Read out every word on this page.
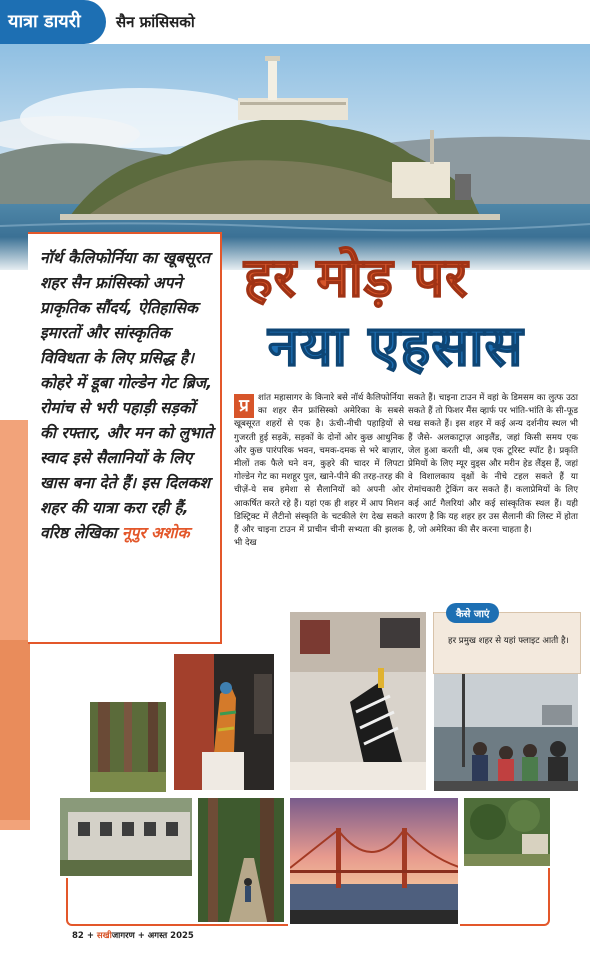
यात्रा डायरी सैन फ्रांसिसको
नॉर्थ कैलिफोर्निया का खूबसूरत शहर सैन फ्रांसिस्को अपने प्राकृतिक सौंदर्य, ऐतिहासिक इमारतों और सांस्कृतिक विविधता के लिए प्रसिद्ध है। कोहरे में डूबा गोल्डेन गेट ब्रिज, रोमांच से भरी पहाड़ी सड़कों की रफ्तार, और मन को लुभाते स्वाद इसे सैलानियों के लिए खास बना देते हैं। इस दिलकश शहर की यात्रा करा रही हैं, वरिष्ठ लेखिका नूपुर अशोक
हर मोड़ पर
नया एहसास
प्र	शांत महासागर के किनारे बसे नॉर्थ कैलिफोर्निया का शहर सैन फ्रांसिस्को अमेरिका के सबसे खूबसूरत शहरों से एक है। ऊंची-नीची पहाड़ियों से गुजरती हुई सड़कें, सड़कों के दोनों ओर कुछ आधुनिक और कुछ पारंपरिक भवन, चमक-दमक से भरे बाज़ार, मीलों तक फैले घने वन, कुहरे की चादर में लिपटा गोल्डेन गेट का मशहूर पुल, खाने-पीने की तरह-तरह की चीज़ें-ये सब हमेशा से सैलानियों को अपनी ओर आकर्षित करते रहे हैं। यहां एक ही शहर में आप मिशन डिस्ट्रिक्ट में लैटीनो संस्कृति के चटकीले रंग देख सकते हैं और चाइना टाउन में प्राचीन चीनी सभ्यता की झलक भी देख
सकते हैं। चाइना टाउन में वहां के डिमसम का लुत्फ उठा सकते हैं तो फिशर मैंस व्हार्फ पर भांति-भांति के सी-फूड चख सकते हैं। इस शहर में कई अन्य दर्शनीय स्थल भी हैं जैसे- अलकाट्राज़ आइलैंड, जहां किसी समय एक जेल हुआ करती थी, अब एक टूरिस्ट स्पॉट है। प्रकृति प्रेमियों के लिए म्यूर वुड्स और मरीन हेड लैंड्स हैं, जहां वे विशालकाय वृक्षों के नीचे टहल सकते हैं या रोमांचकारी ट्रेकिंग कर सकते हैं। कलाप्रेमियों के लिए कई आर्ट गैलरियां और कई सांस्कृतिक स्थल हैं। यही कारण है कि यह शहर हर उस सैलानी की लिस्ट में होता है, जो अमेरिका की सैर करना चाहता है।
कैसे जाएं
हर प्रमुख शहर से यहां फ्लाइट आती है।
82 + सखीजागरण + अगस्त 2025
